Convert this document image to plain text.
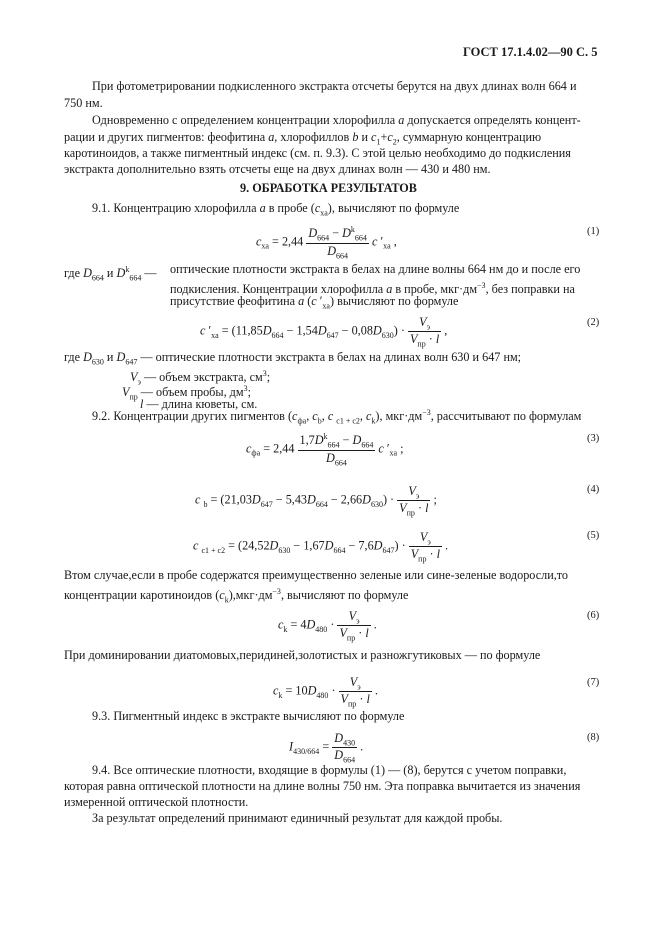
ГОСТ 17.1.4.02—90 С. 5
При фотометрировании подкисленного экстракта отсчеты берутся на двух длинах волн 664 и
750 нм.
Одновременно с определением концентрации хлорофилла a допускается определять концент-
рации и других пигментов: феофитина a, хлорофиллов b и $c_1+c_2$, суммарную концентрацию
каротиноидов, а также пигментный индекс (см. п. 9.3). С этой целью необходимо до подкисления
экстракта дополнительно взять отсчеты еще на двух длинах волн — 430 и 480 нм.
9. ОБРАБОТКА РЕЗУЛЬТАТОВ
9.1. Концентрацию хлорофилла a в пробе $(c_{xa})$, вычисляют по формуле
$c_{xa} = 2,44 \frac{D_{664} - D^k_{664}}{D_{664}}$ c $'_{xa}$ ,
(1)
где $D_{664}$ и $D^k_{664}$ — оптические плотности экстракта в белах на длине волны 664 нм до и после его
подкисления. Концентрации хлорофилла a в пробе, $мкг\cdot дм^{-3}$, без поправки на
присутствие феофитина a (c $'_{xa}$) вычисляют по формуле
c $'_{xa} = (11,85D_{664} - 1,54D_{647} - 0,08D_{630})$ ·
$V_э$
$V_{пр} \cdot l$
,
(2)
где $D_{630}$ и $D_{647}$ — оптические плотности экстракта в белах на длинах волн 630 и 647 нм;
$V_э$ — объем экстракта, $см^3$;
$V_{пр}$ — объем пробы, $дм^3$;
l — длина кюветы, см.
9.2. Концентрации других пигментов ($c_{фa}$, $c_b$, c $_{c1 + c2}$, $c_k$), $мкг\cdot дм^{-3}$, рассчитывают по формулам
$c_{фa} = 2,44 \frac{1,7D^k_{664} - D_{664}}{D_{664}}$ c $'_{xa}$ ;
(3)
c $_b = (21,03D_{647} - 5,43D_{664} - 2,66D_{630})$ ·
$V_э$
$V_{пр} \cdot l$
;
(4)
c $_{c1 + c2} = (24,52D_{630} - 1,67D_{664} - 7,6D_{647})$ ·
$V_э$
$V_{пр} \cdot l$
.
(5)
Втом случае,если в пробе содержатся преимущественно зеленые или сине-зеленые водоросли,то
концентрации каротиноидов $(c_k),мкг\cdot дм^{-3}$, вычисляют по формуле
$c_k = 4D_{480}$ ·
$V_э$
$V_{пр} \cdot l$
.
(6)
При доминировании диатомовых,перидиней,золотистых и разножгутиковых — по формуле
$c_k = 10D_{480}$ ·
$V_э$
$V_{пр} \cdot l$
.
(7)
9.3. Пигментный индекс в экстракте вычисляют по формуле
$I_{430/664} = \frac{D_{430}}{D_{664}}$ .
(8)
9.4. Все оптические плотности, входящие в формулы (1) — (8), берутся с учетом поправки,
которая равна оптической плотности на длине волны 750 нм. Эта поправка вычитается из значения
измеренной оптической плотности.
За результат определений принимают единичный результат для каждой пробы.
